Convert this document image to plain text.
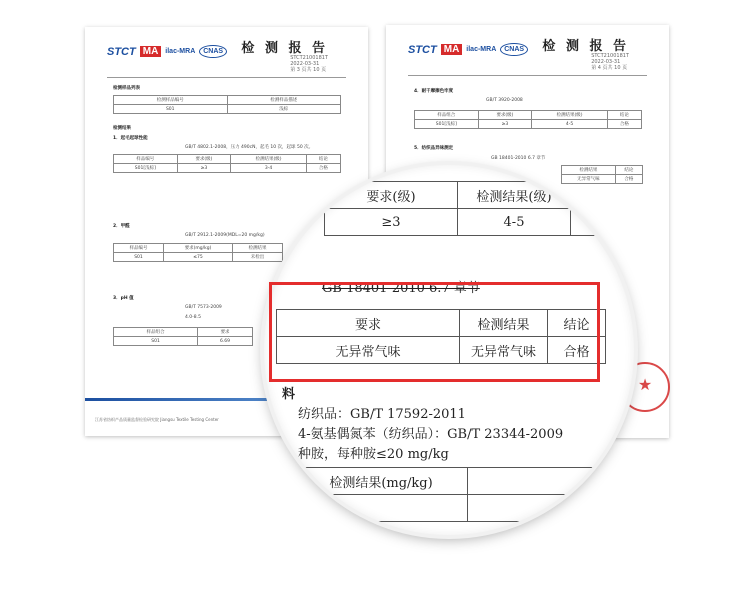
STCT MA	ilac-MRA	CNAS	检 测 报 告
STCT2100181T
2022-03-31
第 3 页共 10 页
检测样品列表
检测样品编号	检测样品描述
S01	浅棕
检测结果
1．起毛起球性能
GB/T 4802.1-2008，压力 490cN，起毛 10 次，起球 50 次。
样品编号	要求(级)	检测结果(级)	结论
S01[浅棕]	≥3	3-4	合格
2．甲醛
GB/T 2912.1-2009(MDL=20 mg/kg)
样品编号	要求(mg/kg)	检测结果
S01	≤75	未检出
3．pH 值
GB/T 7573-2009
4.0-8.5
样品组合	要求
S01	6.69
江苏省纺织产品质量监督检验研究院 Jiangsu Textile Testing Center
STCT MA	ilac-MRA	CNAS	检 测 报 告
STCT2100181T
2022-03-31
第 4 页共 10 页
4．耐干摩擦色牢度
GB/T 3920-2008
样品组合	要求(级)	检测结果(级)	结论
S01[浅棕]	≥3	4-5	合格
5．纺织品异味测定
GB 18401-2010 6.7 章节
检测结果	结论
无异常气味	合格
★
要求(级)	检测结果(级)	
≥3	4-5	
GB 18401-2010 6.7 章节
要求	检测结果	结论
无异常气味	无异常气味	合格
料
纺织品：GB/T 17592-2011
4-氨基偶氮苯（纺织品）：GB/T 23344-2009
种胺，每种胺≤20 mg/kg
检测结果(mg/kg)	
